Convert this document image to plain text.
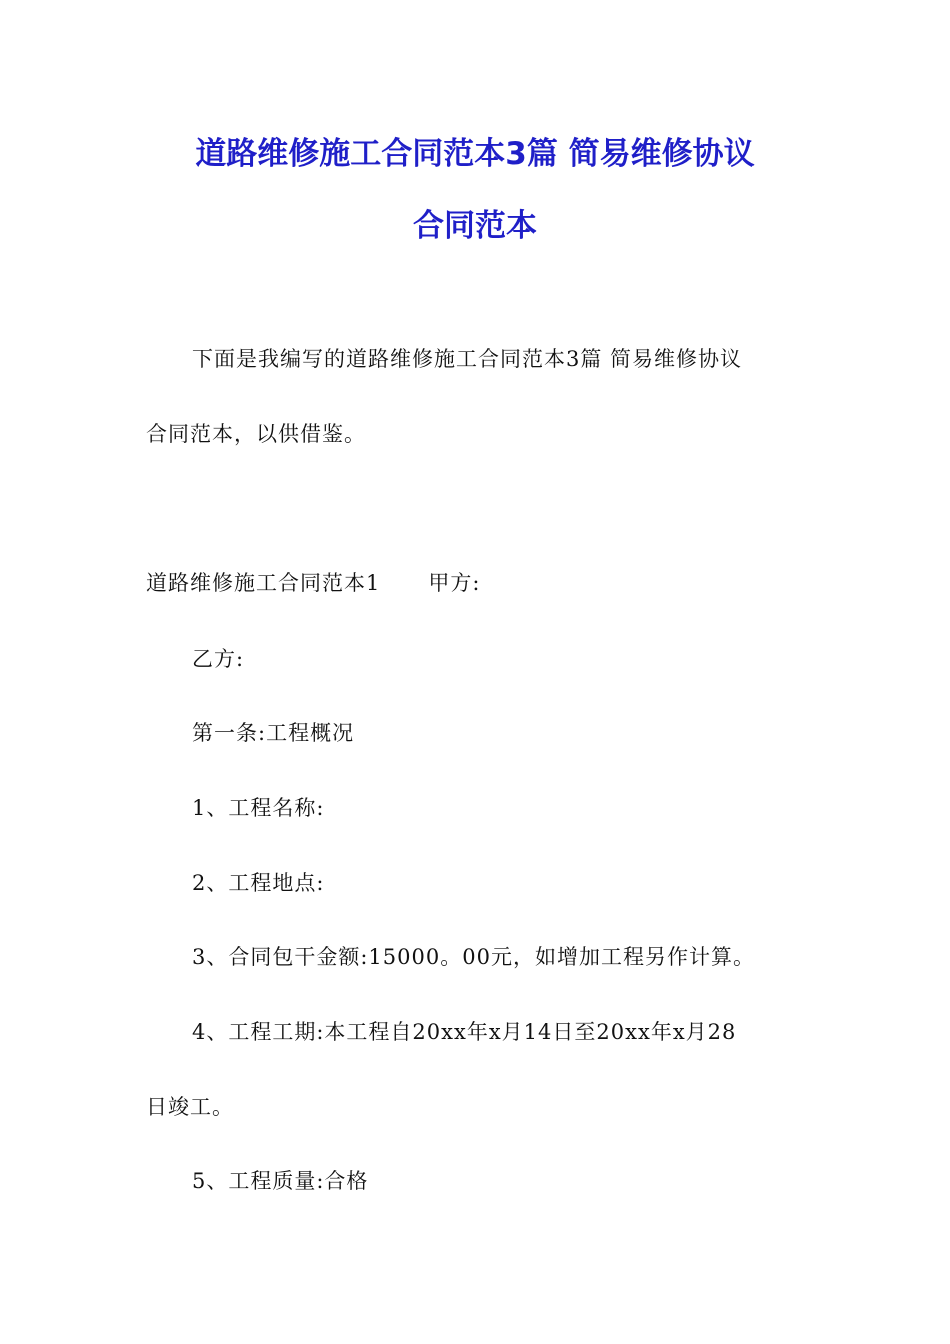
道路维修施工合同范本3篇 简易维修协议
合同范本
下面是我编写的道路维修施工合同范本3篇 简易维修协议
合同范本，以供借鉴。
道路维修施工合同范本1 甲方:
乙方:
第一条:工程概况
1、工程名称:
2、工程地点:
3、合同包干金额:15000。00元，如增加工程另作计算。
4、工程工期:本工程自20xx年x月14日至20xx年x月28
日竣工。
5、工程质量:合格
